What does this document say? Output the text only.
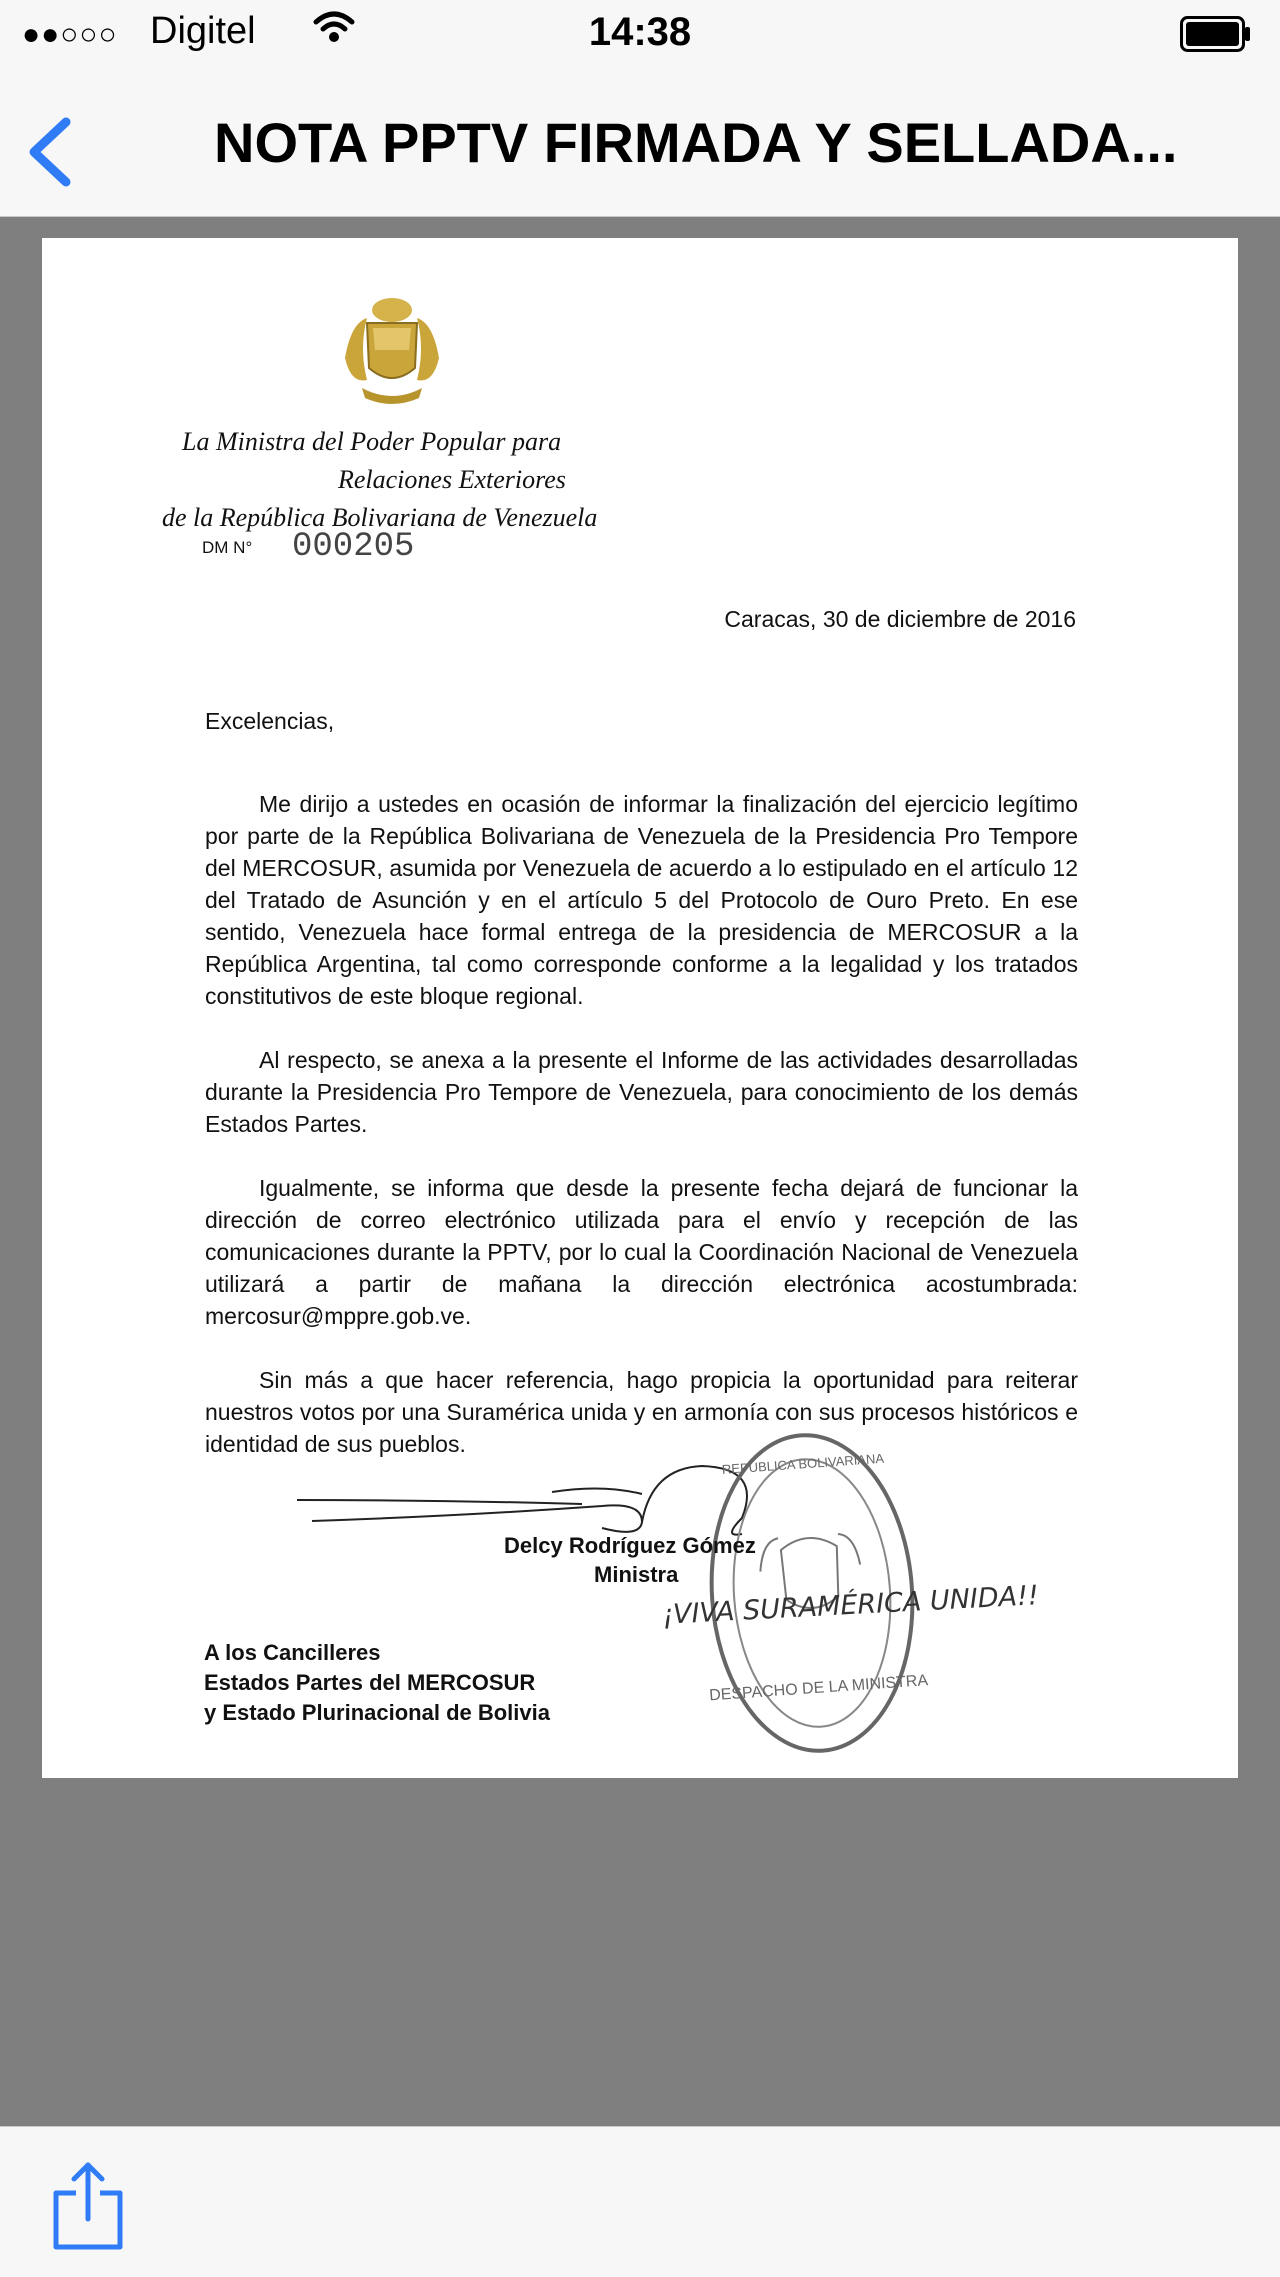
●●○○○ Digitel	14:38
NOTA PPTV FIRMADA Y SELLADA...
La Ministra del Poder Popular para
Relaciones Exteriores
de la República Bolivariana de Venezuela
DM N° 000205
Caracas, 30 de diciembre de 2016
Excelencias,

Me dirijo a ustedes en ocasión de informar la finalización del ejercicio legítimo por parte de la República Bolivariana de Venezuela de la Presidencia Pro Tempore del MERCOSUR, asumida por Venezuela de acuerdo a lo estipulado en el artículo 12 del Tratado de Asunción y en el artículo 5 del Protocolo de Ouro Preto. En ese sentido, Venezuela hace formal entrega de la presidencia de MERCOSUR a la República Argentina, tal como corresponde conforme a la legalidad y los tratados constitutivos de este bloque regional.

Al respecto, se anexa a la presente el Informe de las actividades desarrolladas durante la Presidencia Pro Tempore de Venezuela, para conocimiento de los demás Estados Partes.

Igualmente, se informa que desde la presente fecha dejará de funcionar la dirección de correo electrónico utilizada para el envío y recepción de las comunicaciones durante la PPTV, por lo cual la Coordinación Nacional de Venezuela utilizará a partir de mañana la dirección electrónica acostumbrada: mercosur@mppre.gob.ve.

Sin más a que hacer referencia, hago propicia la oportunidad para reiterar nuestros votos por una Suramérica unida y en armonía con sus procesos históricos e identidad de sus pueblos.

REPÚBLICA BOLIVARIANA
DESPACHO DE LA MINISTRA
Delcy Rodríguez Gómez
Ministra
¡VIVA SURAMÉRICA UNIDA!!
A los Cancilleres
Estados Partes del MERCOSUR
y Estado Plurinacional de Bolivia
